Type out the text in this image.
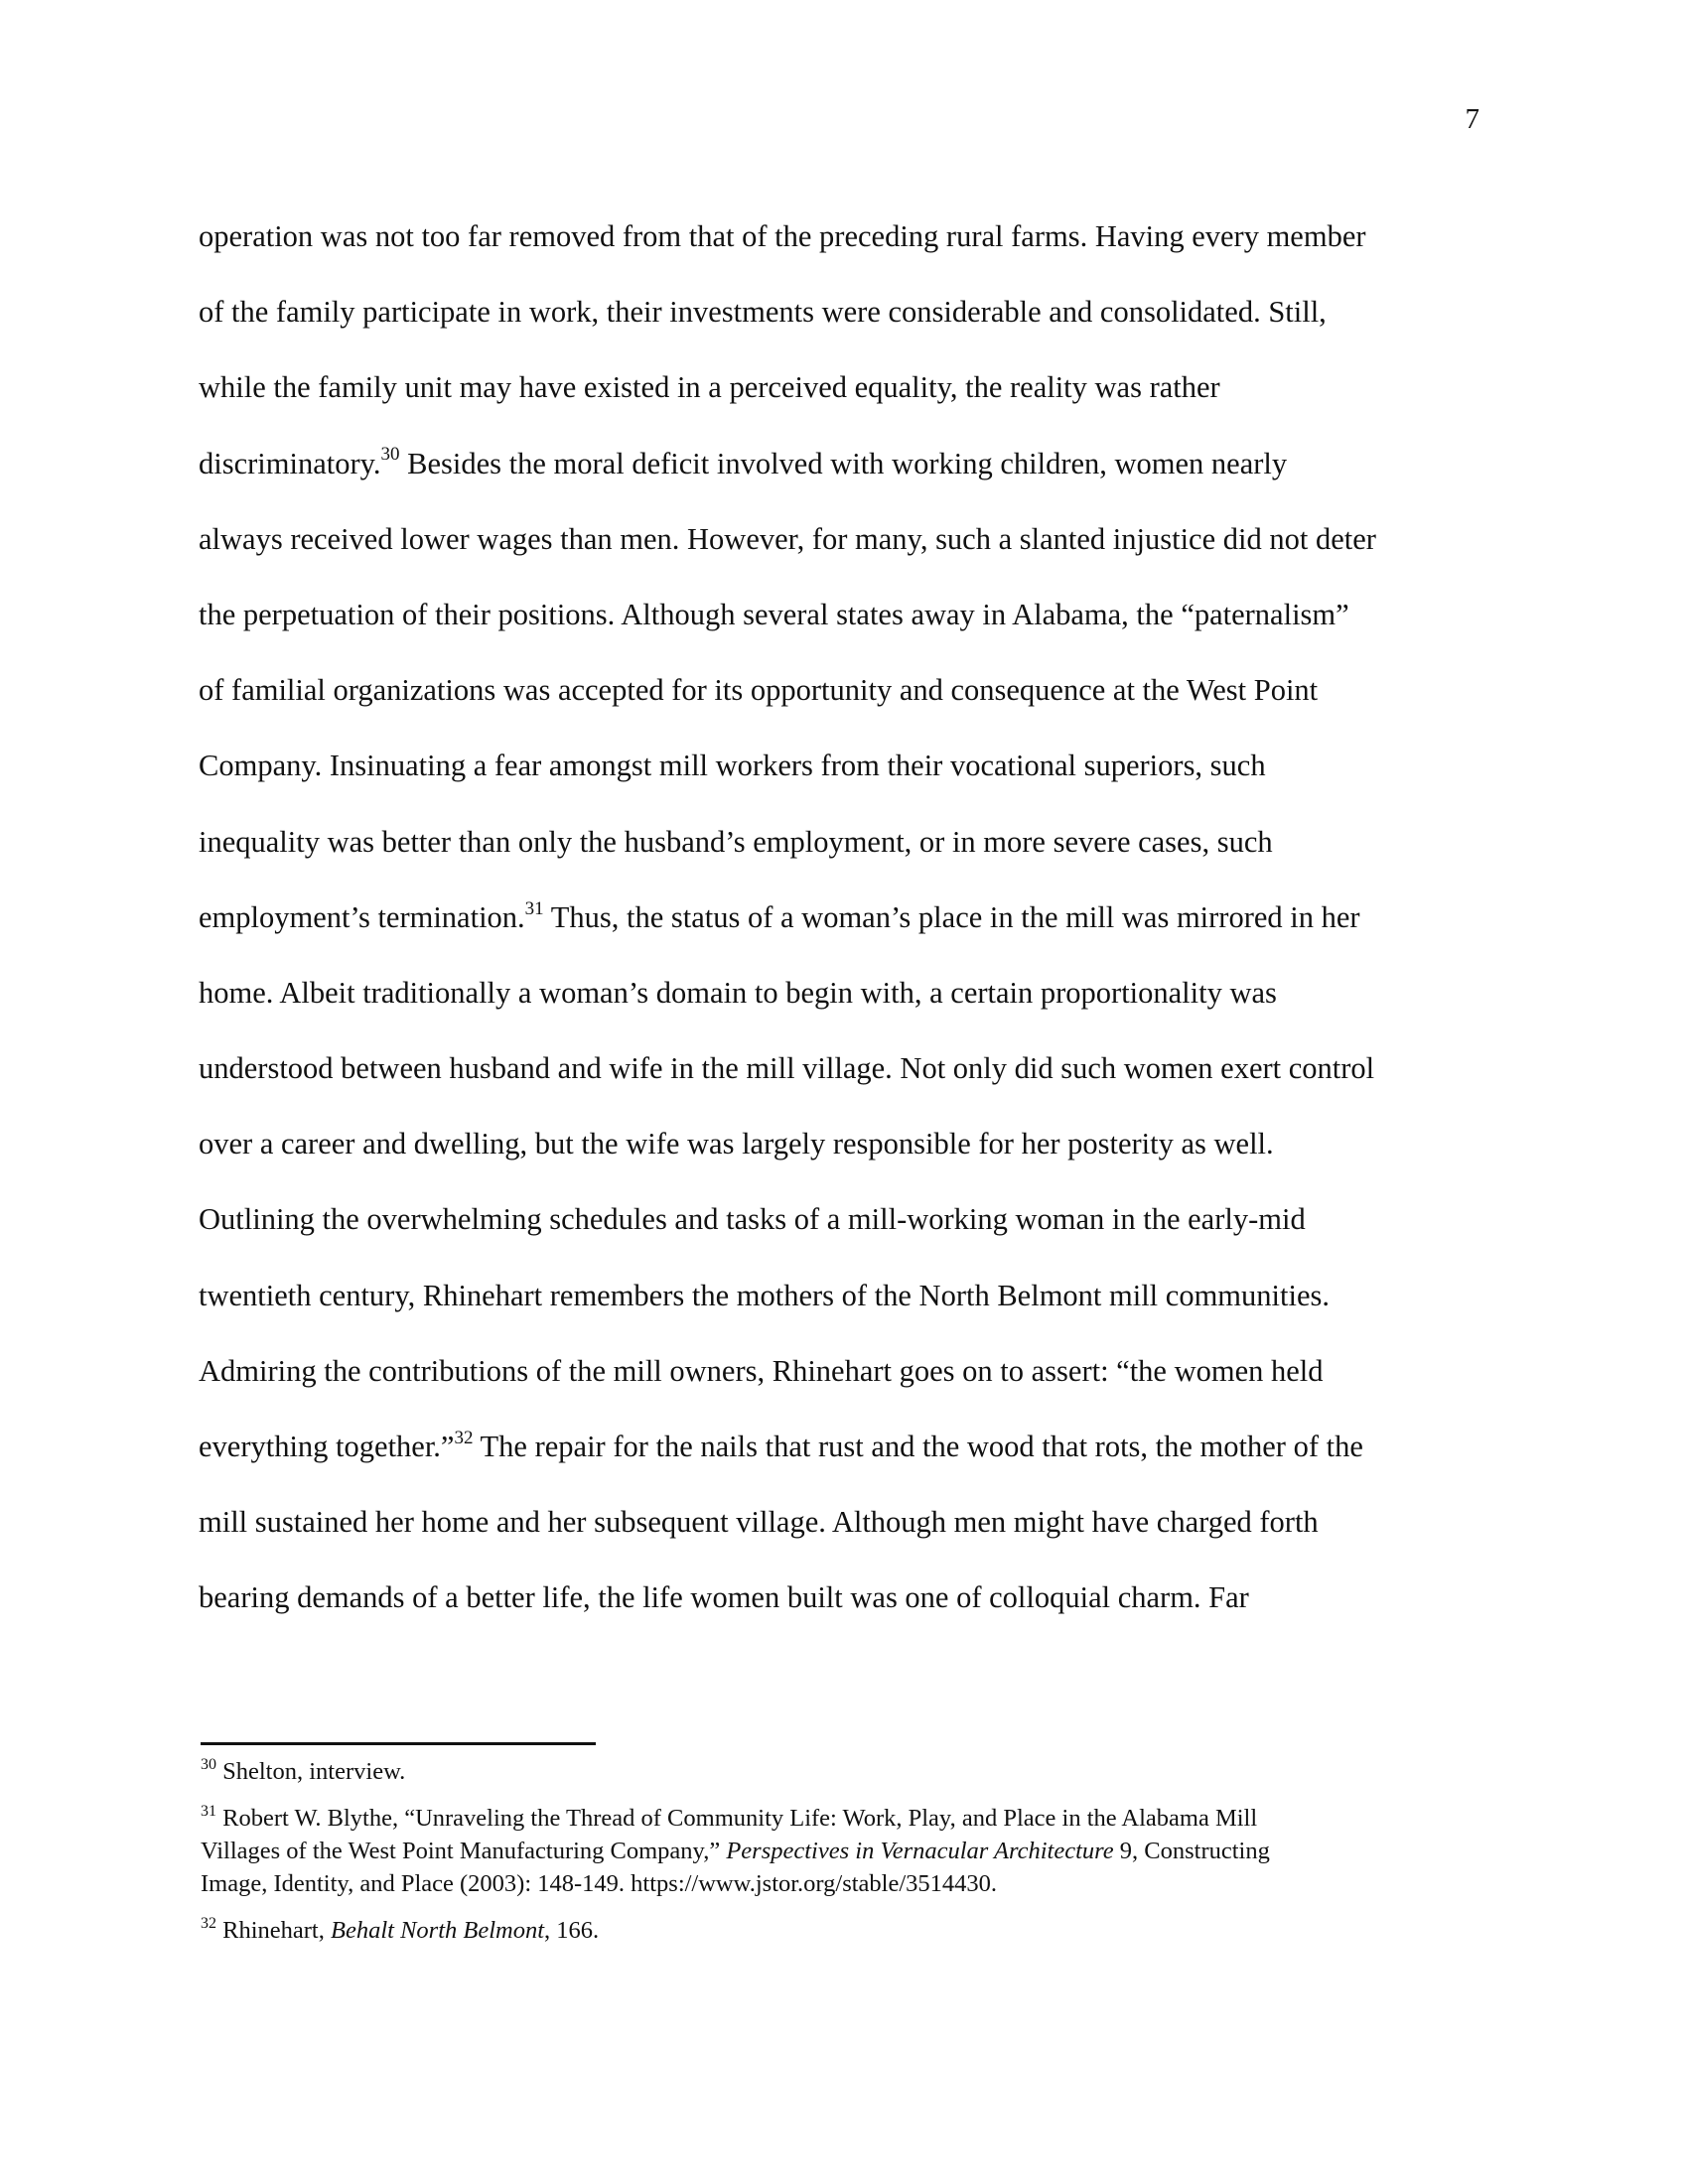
7
operation was not too far removed from that of the preceding rural farms. Having every member
of the family participate in work, their investments were considerable and consolidated. Still,
while the family unit may have existed in a perceived equality, the reality was rather
discriminatory.$^{30}$ Besides the moral deficit involved with working children, women nearly
always received lower wages than men. However, for many, such a slanted injustice did not deter
the perpetuation of their positions. Although several states away in Alabama, the “paternalism”
of familial organizations was accepted for its opportunity and consequence at the West Point
Company. Insinuating a fear amongst mill workers from their vocational superiors, such
inequality was better than only the husband’s employment, or in more severe cases, such
employment’s termination.$^{31}$ Thus, the status of a woman’s place in the mill was mirrored in her
home. Albeit traditionally a woman’s domain to begin with, a certain proportionality was
understood between husband and wife in the mill village. Not only did such women exert control
over a career and dwelling, but the wife was largely responsible for her posterity as well.
Outlining the overwhelming schedules and tasks of a mill-working woman in the early-mid
twentieth century, Rhinehart remembers the mothers of the North Belmont mill communities.
Admiring the contributions of the mill owners, Rhinehart goes on to assert: “the women held
everything together.”$^{32}$ The repair for the nails that rust and the wood that rots, the mother of the
mill sustained her home and her subsequent village. Although men might have charged forth
bearing demands of a better life, the life women built was one of colloquial charm. Far
$^{30}$ Shelton, interview.
$^{31}$ Robert W. Blythe, “Unraveling the Thread of Community Life: Work, Play, and Place in the Alabama Mill
Villages of the West Point Manufacturing Company,” Perspectives in Vernacular Architecture 9, Constructing
Image, Identity, and Place (2003): 148-149. https://www.jstor.org/stable/3514430.
$^{32}$ Rhinehart, Behalt North Belmont, 166.
